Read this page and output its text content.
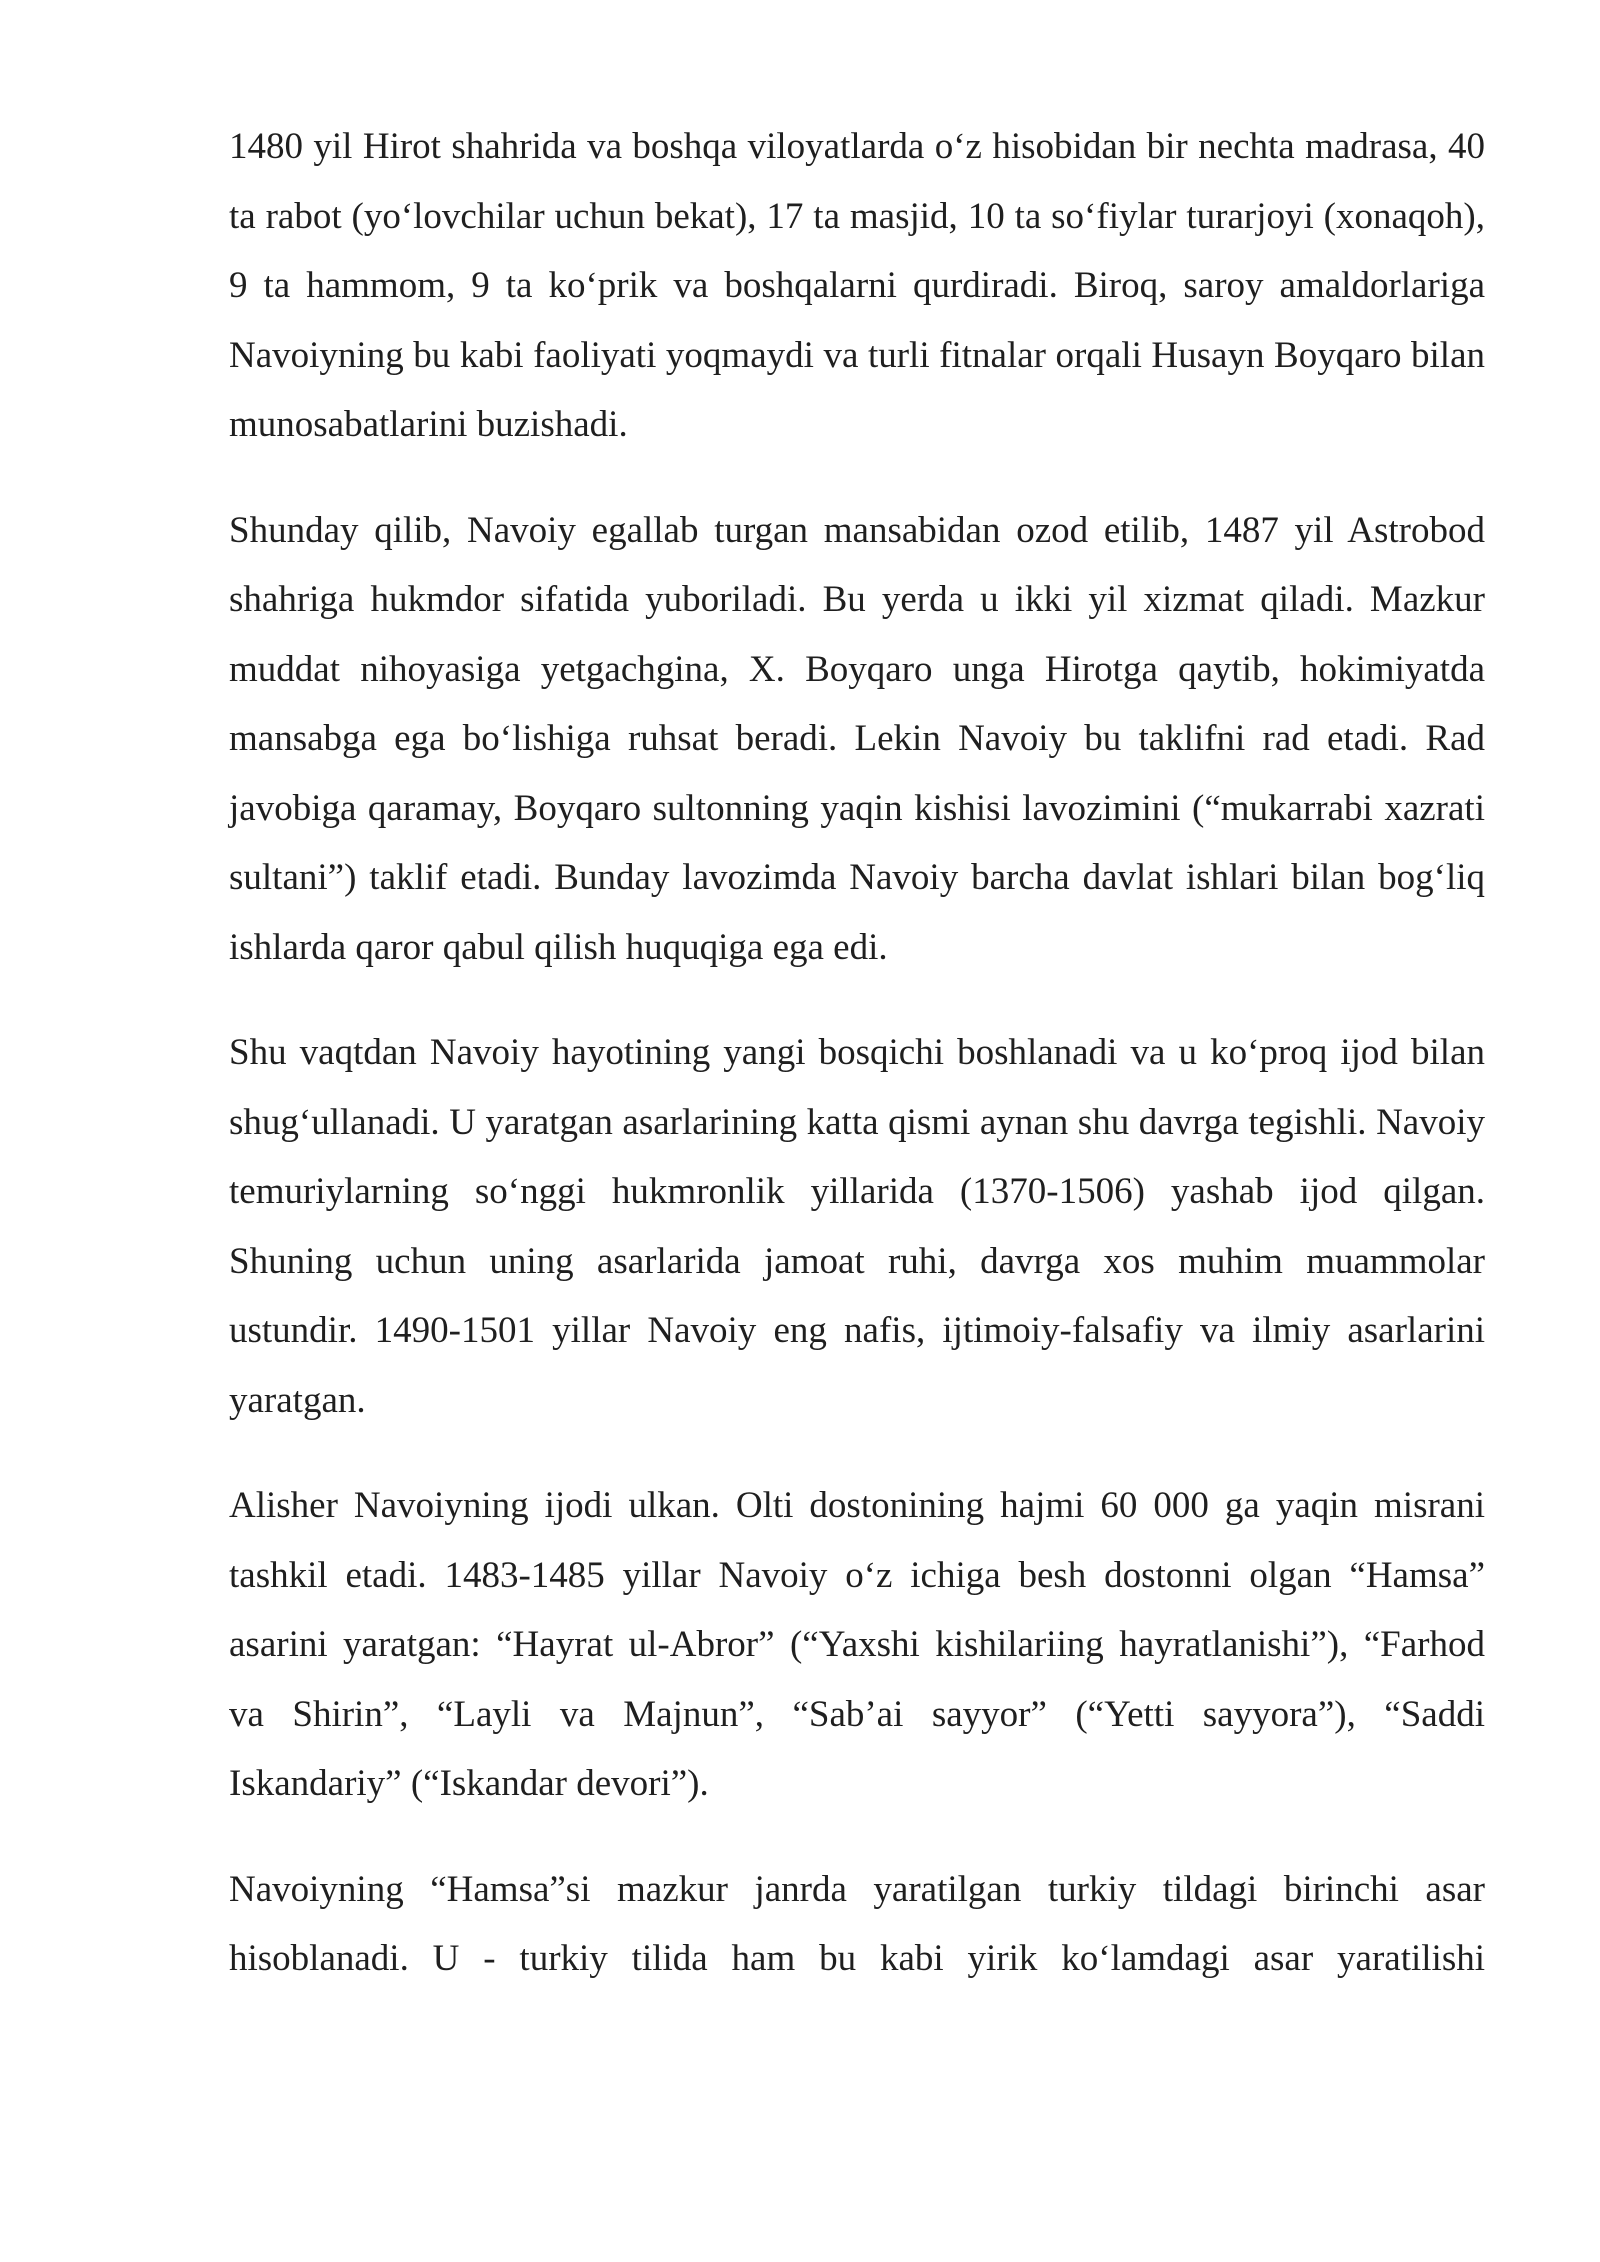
1480 yil Hirot shahrida va boshqa viloyatlarda o‘z hisobidan bir nechta madrasa, 40 ta rabot (yo‘lovchilar uchun bekat), 17 ta masjid, 10 ta so‘fiylar turarjoyi (xonaqoh), 9 ta hammom, 9 ta ko‘prik va boshqalarni qurdiradi. Biroq, saroy amaldorlariga Navoiyning bu kabi faoliyati yoqmaydi va turli fitnalar orqali Husayn Boyqaro bilan munosabatlarini buzishadi.

Shunday qilib, Navoiy egallab turgan mansabidan ozod etilib, 1487 yil Astrobod shahriga hukmdor sifatida yuboriladi. Bu yerda u ikki yil xizmat qiladi. Mazkur muddat nihoyasiga yetgachgina, X. Boyqaro unga Hirotga qaytib, hokimiyatda mansabga ega bo‘lishiga ruhsat beradi. Lekin Navoiy bu taklifni rad etadi. Rad javobiga qaramay, Boyqaro sultonning yaqin kishisi lavozimini (“mukarrabi xazrati sultani”) taklif etadi. Bunday lavozimda Navoiy barcha davlat ishlari bilan bog‘liq ishlarda qaror qabul qilish huquqiga ega edi.

Shu vaqtdan Navoiy hayotining yangi bosqichi boshlanadi va u ko‘proq ijod bilan shug‘ullanadi. U yaratgan asarlarining katta qismi aynan shu davrga tegishli. Navoiy temuriylarning so‘nggi hukmronlik yillarida (1370-1506) yashab ijod qilgan. Shuning uchun uning asarlarida jamoat ruhi, davrga xos muhim muammolar ustundir. 1490-1501 yillar Navoiy eng nafis, ijtimoiy-falsafiy va ilmiy asarlarini yaratgan.

Alisher Navoiyning ijodi ulkan. Olti dostonining hajmi 60 000 ga yaqin misrani tashkil etadi. 1483-1485 yillar Navoiy o‘z ichiga besh dostonni olgan “Hamsa” asarini yaratgan: “Hayrat ul-Abror” (“Yaxshi kishilariing hayratlanishi”), “Farhod va Shirin”, “Layli va Majnun”, “Sab’ai sayyor” (“Yetti sayyora”), “Saddi Iskandariy” (“Iskandar devori”).

Navoiyning “Hamsa”si mazkur janrda yaratilgan turkiy tildagi birinchi asar hisoblanadi. U - turkiy tilida ham bu kabi yirik ko‘lamdagi asar yaratilishi
